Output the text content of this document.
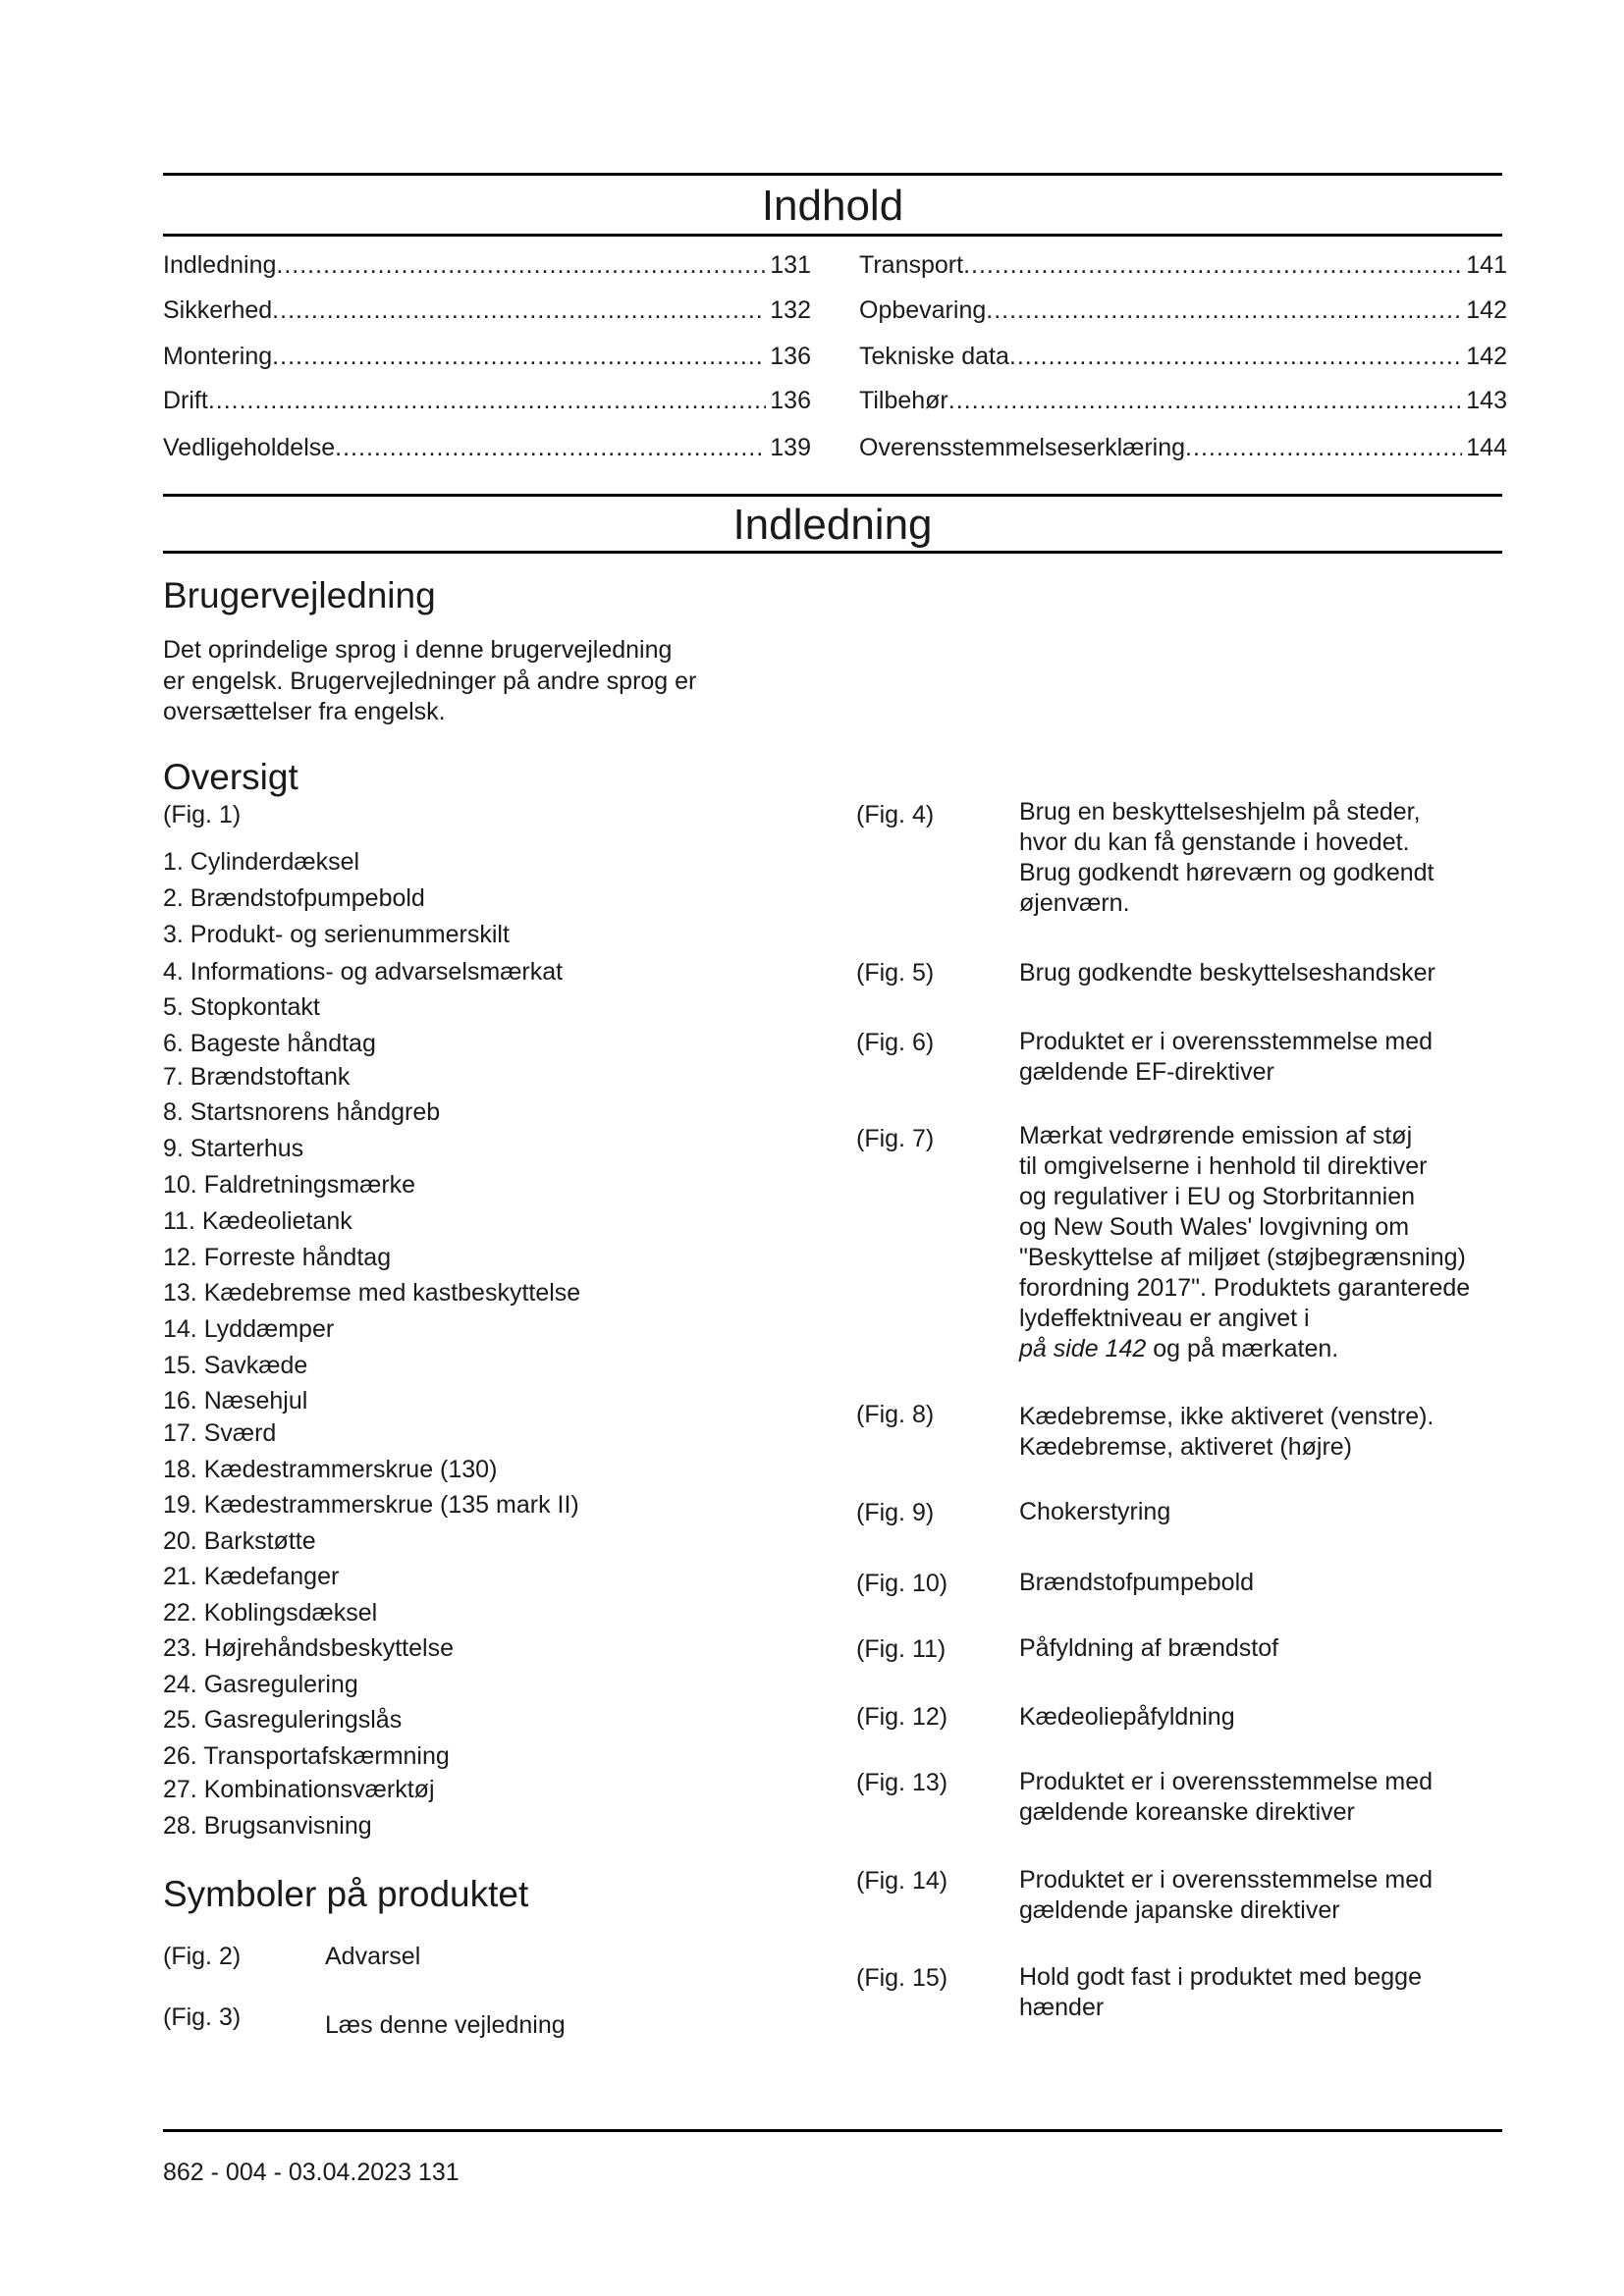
Indhold
Indledning .....	131
Sikkerhed .....	132
Montering .....	136
Drift .....	136
Vedligeholdelse .....	139
Transport .....	141
Opbevaring .....	142
Tekniske data .....	142
Tilbehør .....	143
Overensstemmelseserklæring .....	144
Indledning
Brugervejledning
Det oprindelige sprog i denne brugervejledning
er engelsk. Brugervejledninger på andre sprog er
oversættelser fra engelsk.
Oversigt
(Fig. 1)
1. Cylinderdæksel
2. Brændstofpumpebold
3. Produkt- og serienummerskilt
4. Informations- og advarselsmærkat
5. Stopkontakt
6. Bageste håndtag
7. Brændstoftank
8. Startsnorens håndgreb
9. Starterhus
10. Faldretningsmærke
11. Kædeolietank
12. Forreste håndtag
13. Kædebremse med kastbeskyttelse
14. Lyddæmper
15. Savkæde
16. Næsehjul
17. Sværd
18. Kædestrammerskrue (130)
19. Kædestrammerskrue (135 mark II)
20. Barkstøtte
21. Kædefanger
22. Koblingsdæksel
23. Højrehåndsbeskyttelse
24. Gasregulering
25. Gasreguleringslås
26. Transportafskærmning
27. Kombinationsværktøj
28. Brugsanvisning
Symboler på produktet
(Fig. 2)	Advarsel
(Fig. 3)	Læs denne vejledning
(Fig. 4)	Brug en beskyttelseshjelm på steder,
hvor du kan få genstande i hovedet.
Brug godkendt høreværn og godkendt
øjenværn.
(Fig. 5)	Brug godkendte beskyttelseshandsker
(Fig. 6)	Produktet er i overensstemmelse med
gældende EF-direktiver
(Fig. 7)	Mærkat vedrørende emission af støj
til omgivelserne i henhold til direktiver
og regulativer i EU og Storbritannien
og New South Wales' lovgivning om
"Beskyttelse af miljøet (støjbegrænsning)
forordning 2017". Produktets garanterede
lydeffektniveau er angivet i
på side 142 og på mærkaten.
(Fig. 8)	Kædebremse, ikke aktiveret (venstre).
Kædebremse, aktiveret (højre)
(Fig. 9)	Chokerstyring
(Fig. 10)	Brændstofpumpebold
(Fig. 11)	Påfyldning af brændstof
(Fig. 12)	Kædeoliepåfyldning
(Fig. 13)	Produktet er i overensstemmelse med
gældende koreanske direktiver
(Fig. 14)	Produktet er i overensstemmelse med
gældende japanske direktiver
(Fig. 15)	Hold godt fast i produktet med begge
hænder
862 - 004 - 03.04.2023 131
